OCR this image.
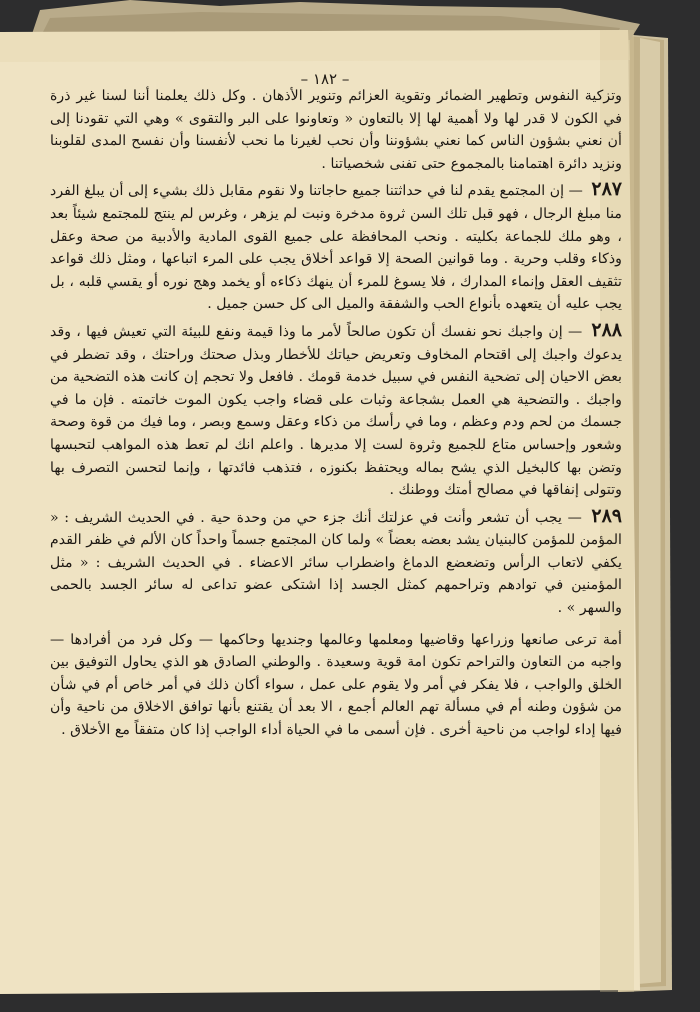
– ١٨٢ –

وتزكية النفوس وتطهير الضمائر وتقوية العزائم وتنوير الأذهان . وكل ذلك يعلمنا أننا لسنا غير ذرة في الكون لا قدر لها ولا أهمية لها إلا بالتعاون « وتعاونوا على البر والتقوى » وهي التي تقودنا إلى أن نعني بشؤون الناس كما نعني بشؤوننا وأن نحب لغيرنا ما نحب لأنفسنا وأن نفسح المدى لقلوبنا ونزيد دائرة اهتمامنا بالمجموع حتى تفنى شخصياتنا .

٢٨٧ — إن المجتمع يقدم لنا في حداثتنا جميع حاجاتنا ولا نقوم مقابل ذلك بشيء إلى أن يبلغ الفرد منا مبلغ الرجال ، فهو قبل تلك السن ثروة مدخرة ونبت لم يزهر ، وغرس لم ينتج للمجتمع شيئاً بعد ، وهو ملك للجماعة بكليته . ونحب المحافظة على جميع القوى المادية والأدبية من صحة وعقل وذكاء وقلب وحرية . وما قوانين الصحة إلا قواعد أخلاق يجب على المرء اتباعها ، ومثل ذلك قواعد تثقيف العقل وإنماء المدارك ، فلا يسوغ للمرء أن ينهك ذكاءه أو يخمد وهج نوره أو يقسي قلبه ، بل يجب عليه أن يتعهده بأنواع الحب والشفقة والميل الى كل حسن جميل .

٢٨٨ — إن واجبك نحو نفسك أن تكون صالحاً لأمر ما وذا قيمة ونفع للبيئة التي تعيش فيها ، وقد يدعوك واجبك إلى اقتحام المخاوف وتعريض حياتك للأخطار وبذل صحتك وراحتك ، وقد تضطر في بعض الاحيان إلى تضحية النفس في سبيل خدمة قومك . فافعل ولا تحجم إن كانت هذه التضحية من واجبك . والتضحية هي العمل بشجاعة وثبات على قضاء واجب يكون الموت خاتمته . فإن ما في جسمك من لحم ودم وعظم ، وما في رأسك من ذكاء وعقل وسمع وبصر ، وما فيك من قوة وصحة وشعور وإحساس متاع للجميع وثروة لست إلا مديرها . واعلم انك لم تعط هذه المواهب لتحبسها وتضن بها كالبخيل الذي يشح بماله ويحتفظ بكنوزه ، فتذهب فائدتها ، وإنما لتحسن التصرف بها وتتولى إنفاقها في مصالح أمتك ووطنك .

٢٨٩ — يجب أن تشعر وأنت في عزلتك أنك جزء حي من وحدة حية . في الحديث الشريف : « المؤمن للمؤمن كالبنيان يشد بعضه بعضاً » ولما كان المجتمع جسماً واحداً كان الألم في ظفر القدم يكفي لاتعاب الرأس وتضعضع الدماغ واضطراب سائر الاعضاء . في الحديث الشريف : « مثل المؤمنين في توادهم وتراحمهم كمثل الجسد إذا اشتكى عضو تداعى له سائر الجسد بالحمى والسهر » .

أمة ترعى صانعها وزراعها وقاضيها ومعلمها وعالمها وجنديها وحاكمها — وكل فرد من أفرادها — واجبه من التعاون والتراحم تكون امة قوية وسعيدة . والوطني الصادق هو الذي يحاول التوفيق بين الخلق والواجب ، فلا يفكر في أمر ولا يقوم على عمل ، سواء أكان ذلك في أمر خاص أم في شأن من شؤون وطنه أم في مسألة تهم العالم أجمع ، الا بعد أن يقتنع بأنها توافق الاخلاق من ناحية وأن فيها إداء لواجب من ناحية أخرى . فإن أسمى ما في الحياة أداء الواجب إذا كان متفقاً مع الأخلاق .
